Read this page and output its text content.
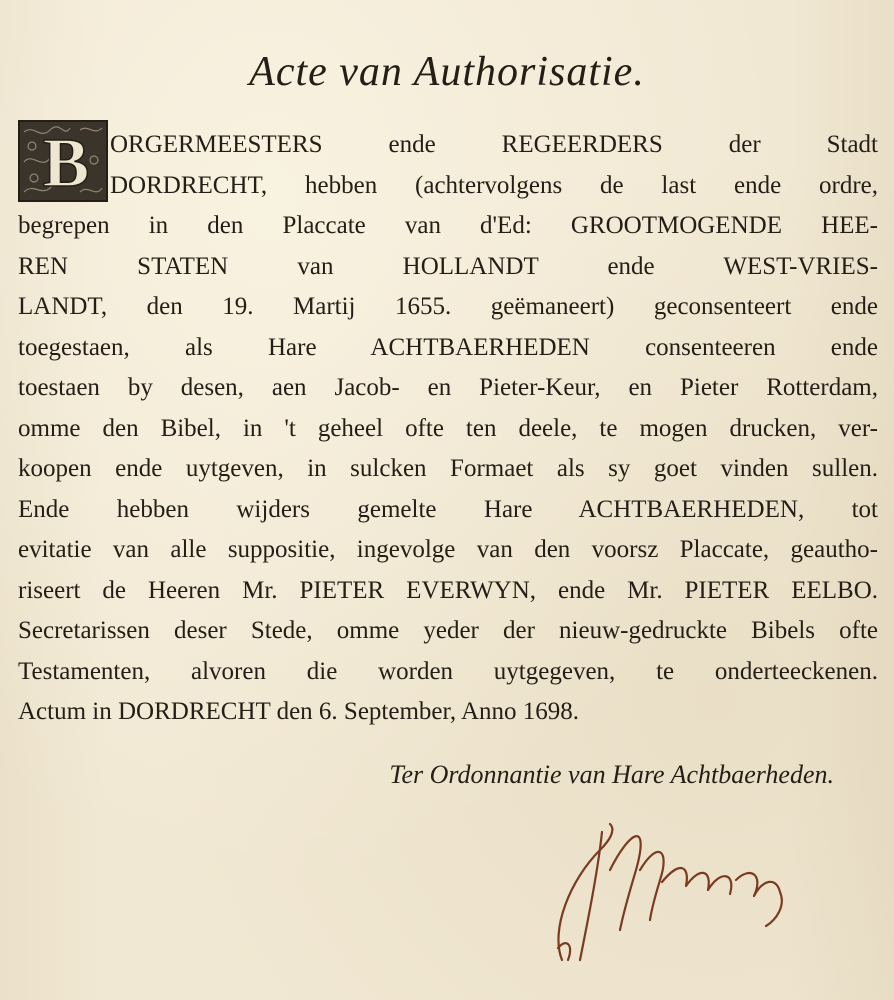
Acte van Authorisatie.
B ORGERMEESTERS ende REGEERDERS der Stadt
DORDRECHT, hebben (achtervolgens de last ende ordre,
begrepen in den Placcate van d'Ed: GROOTMOGENDE HEE-
REN STATEN van HOLLANDT ende WEST-VRIES-
LANDT, den 19. Martij 1655. geëmaneert) geconsenteert ende
toegestaen, als Hare ACHTBAERHEDEN consenteeren ende
toestaen by desen, aen Jacob- en Pieter-Keur, en Pieter Rotterdam,
omme den Bibel, in 't geheel ofte ten deele, te mogen drucken, ver-
koopen ende uytgeven, in sulcken Formaet als sy goet vinden sullen.
Ende hebben wijders gemelte Hare ACHTBAERHEDEN, tot
evitatie van alle suppositie, ingevolge van den voorsz Placcate, geautho-
riseert de Heeren Mr. PIETER EVERWYN, ende Mr. PIETER EELBO.
Secretarissen deser Stede, omme yeder der nieuw-gedruckte Bibels ofte
Testamenten, alvoren die worden uytgegeven, te onderteeckenen.
Actum in DORDRECHT den 6. September, Anno 1698.
Ter Ordonnantie van Hare Achtbaerheden.
